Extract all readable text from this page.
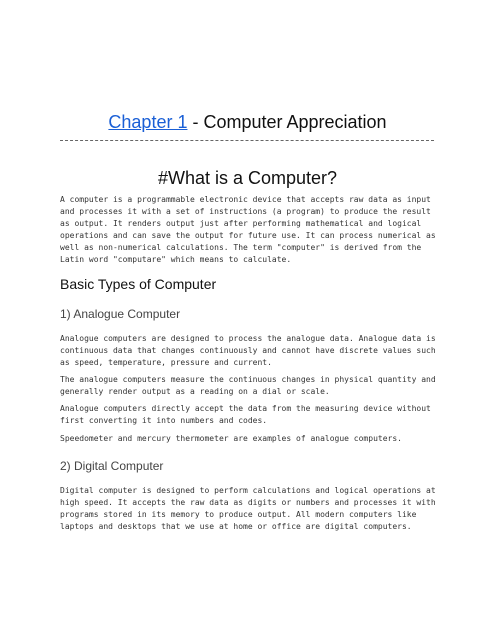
Chapter 1 - Computer Appreciation
#What is a Computer?

A computer is a programmable electronic device that accepts raw data as input and processes it with a set of instructions (a program) to produce the result as output. It renders output just after performing mathematical and logical operations and can save the output for future use. It can process numerical as well as non-numerical calculations. The term "computer" is derived from the Latin word "computare" which means to calculate.

Basic Types of Computer
1) Analogue Computer

Analogue computers are designed to process the analogue data. Analogue data is continuous data that changes continuously and cannot have discrete values such as speed, temperature, pressure and current.

The analogue computers measure the continuous changes in physical quantity and generally render output as a reading on a dial or scale.

Analogue computers directly accept the data from the measuring device without first converting it into numbers and codes.

Speedometer and mercury thermometer are examples of analogue computers.

2) Digital Computer

Digital computer is designed to perform calculations and logical operations at high speed. It accepts the raw data as digits or numbers and processes it with programs stored in its memory to produce output. All modern computers like laptops and desktops that we use at home or office are digital computers.
